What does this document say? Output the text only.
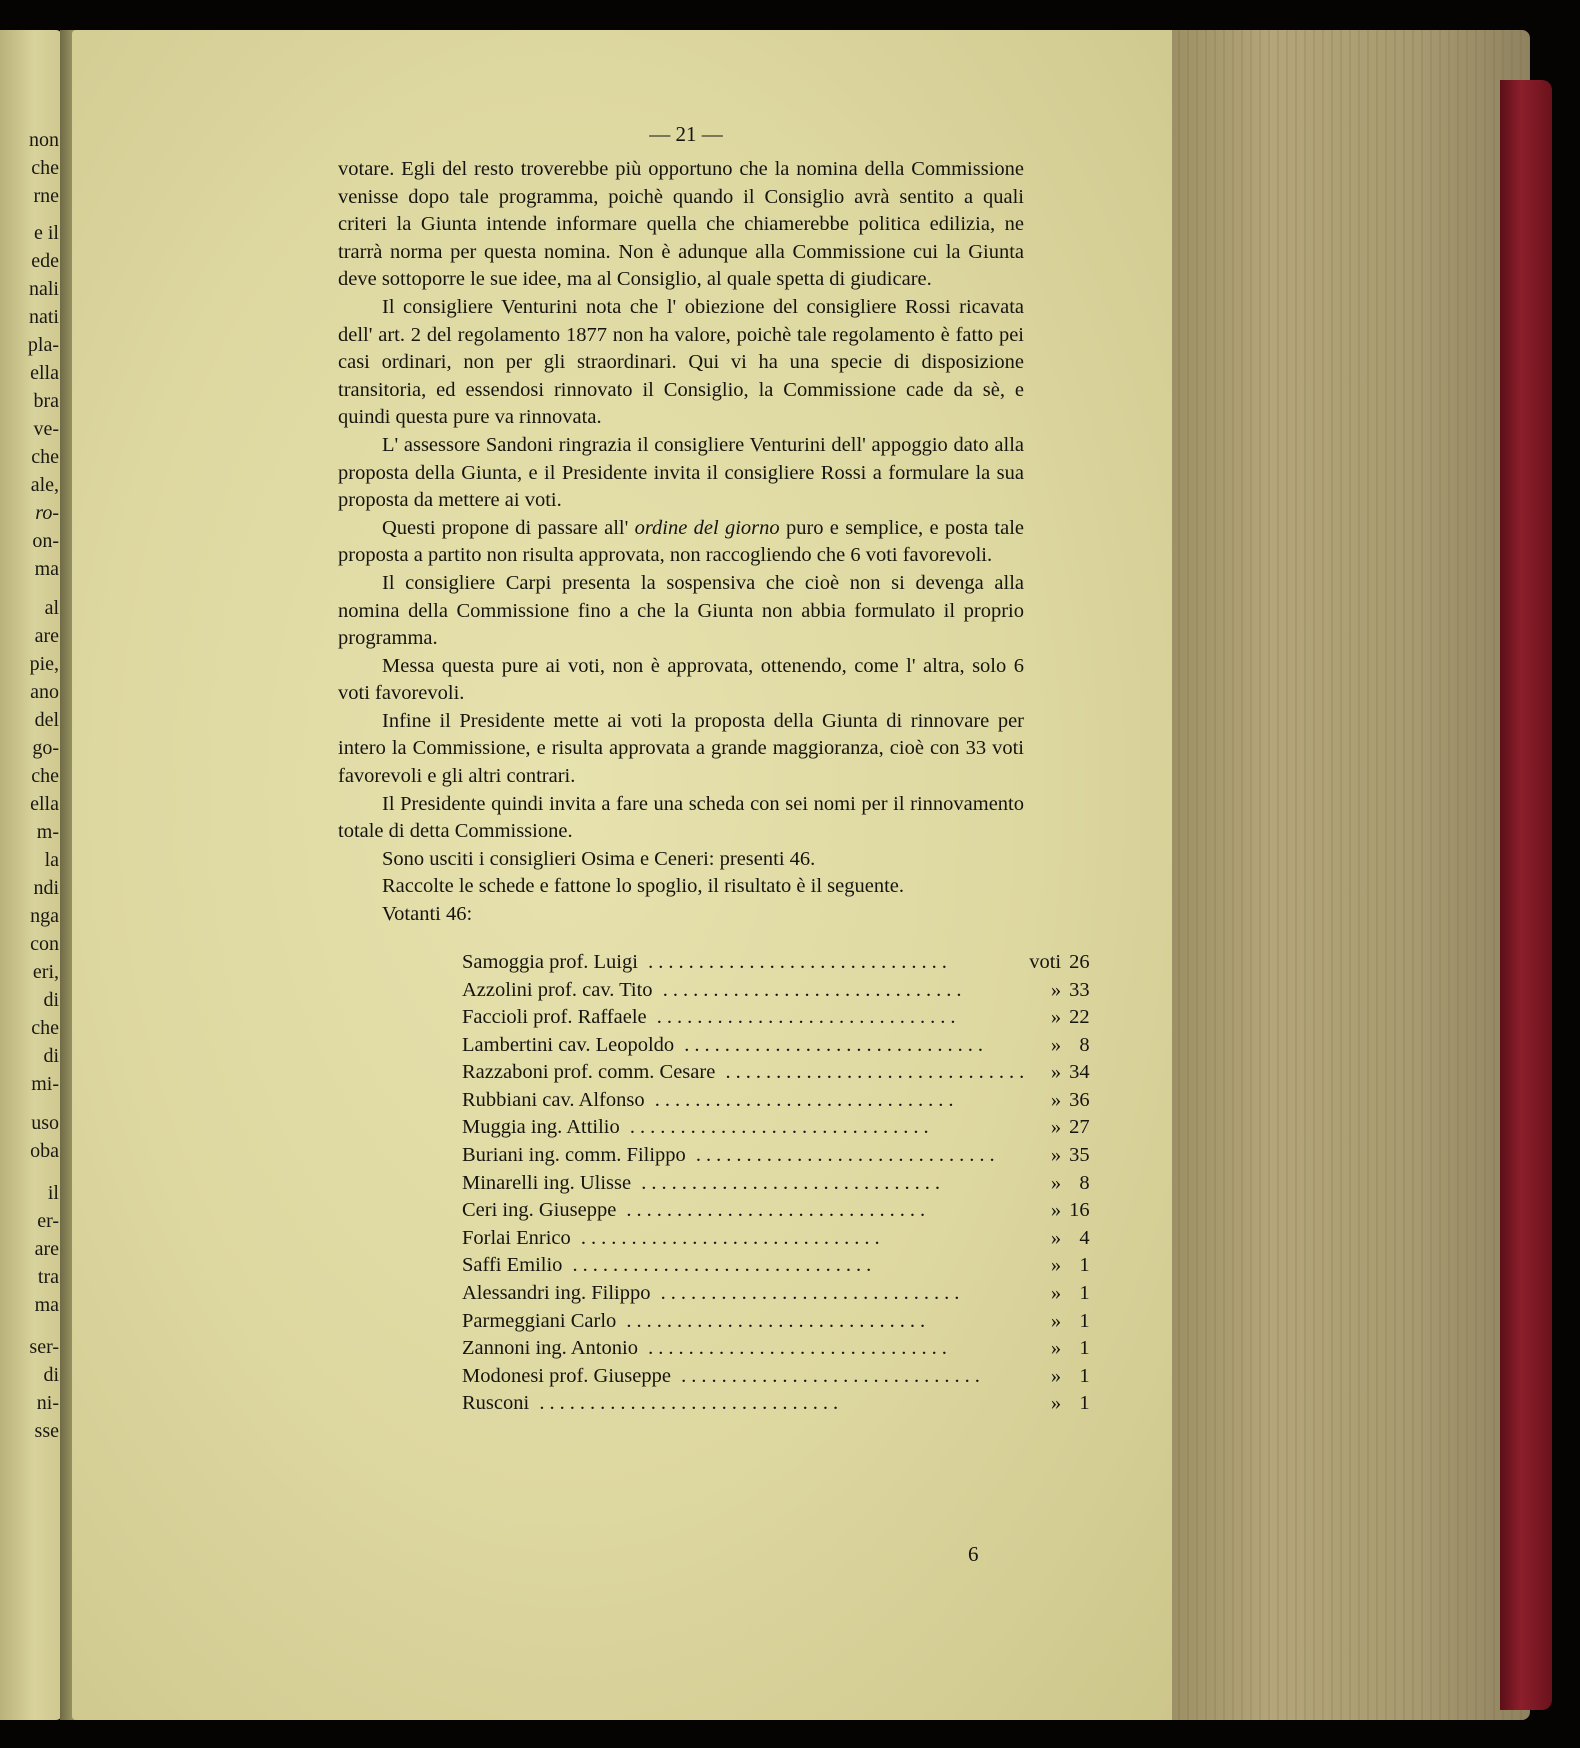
non
che
rne
e il
ede
nali
nati
pla-
ella
bra
ve-
che
ale,
ro-
on-
ma
al
are
pie,
ano
del
go-
che
ella
m-
la
ndi
nga
con
eri,
di
che
di
mi-
uso
oba
il
er-
are
tra
ma
ser-
di
ni-
sse
— 21 —

votare. Egli del resto troverebbe più opportuno che la nomina della Commissione venisse dopo tale programma, poichè quando il Consiglio avrà sentito a quali criteri la Giunta intende informare quella che chiamerebbe politica edilizia, ne trarrà norma per questa nomina. Non è adunque alla Commissione cui la Giunta deve sottoporre le sue idee, ma al Consiglio, al quale spetta di giudicare.

Il consigliere Venturini nota che l' obiezione del consigliere Rossi ricavata dell' art. 2 del regolamento 1877 non ha valore, poichè tale regolamento è fatto pei casi ordinari, non per gli straordinari. Qui vi ha una specie di disposizione transitoria, ed essendosi rinnovato il Consiglio, la Commissione cade da sè, e quindi questa pure va rinnovata.

L' assessore Sandoni ringrazia il consigliere Venturini dell' appoggio dato alla proposta della Giunta, e il Presidente invita il consigliere Rossi a formulare la sua proposta da mettere ai voti.

Questi propone di passare all' ordine del giorno puro e semplice, e posta tale proposta a partito non risulta approvata, non raccogliendo che 6 voti favorevoli.

Il consigliere Carpi presenta la sospensiva che cioè non si devenga alla nomina della Commissione fino a che la Giunta non abbia formulato il proprio programma.

Messa questa pure ai voti, non è approvata, ottenendo, come l' altra, solo 6 voti favorevoli.

Infine il Presidente mette ai voti la proposta della Giunta di rinnovare per intero la Commissione, e risulta approvata a grande maggioranza, cioè con 33 voti favorevoli e gli altri contrari.

Il Presidente quindi invita a fare una scheda con sei nomi per il rinnovamento totale di detta Commissione.

Sono usciti i consiglieri Osima e Ceneri: presenti 46.

Raccolte le schede e fattone lo spoglio, il risultato è il seguente.

Votanti 46:

Samoggia prof. Luigi ..............................	voti	26
Azzolini prof. cav. Tito ..............................	»	33
Faccioli prof. Raffaele ..............................	»	22
Lambertini cav. Leopoldo ..............................	»	8
Razzaboni prof. comm. Cesare ..............................	»	34
Rubbiani cav. Alfonso ..............................	»	36
Muggia ing. Attilio ..............................	»	27
Buriani ing. comm. Filippo ..............................	»	35
Minarelli ing. Ulisse ..............................	»	8
Ceri ing. Giuseppe ..............................	»	16
Forlai Enrico ..............................	»	4
Saffi Emilio ..............................	»	1
Alessandri ing. Filippo ..............................	»	1
Parmeggiani Carlo ..............................	»	1
Zannoni ing. Antonio ..............................	»	1
Modonesi prof. Giuseppe ..............................	»	1
Rusconi ..............................	»	1
6
